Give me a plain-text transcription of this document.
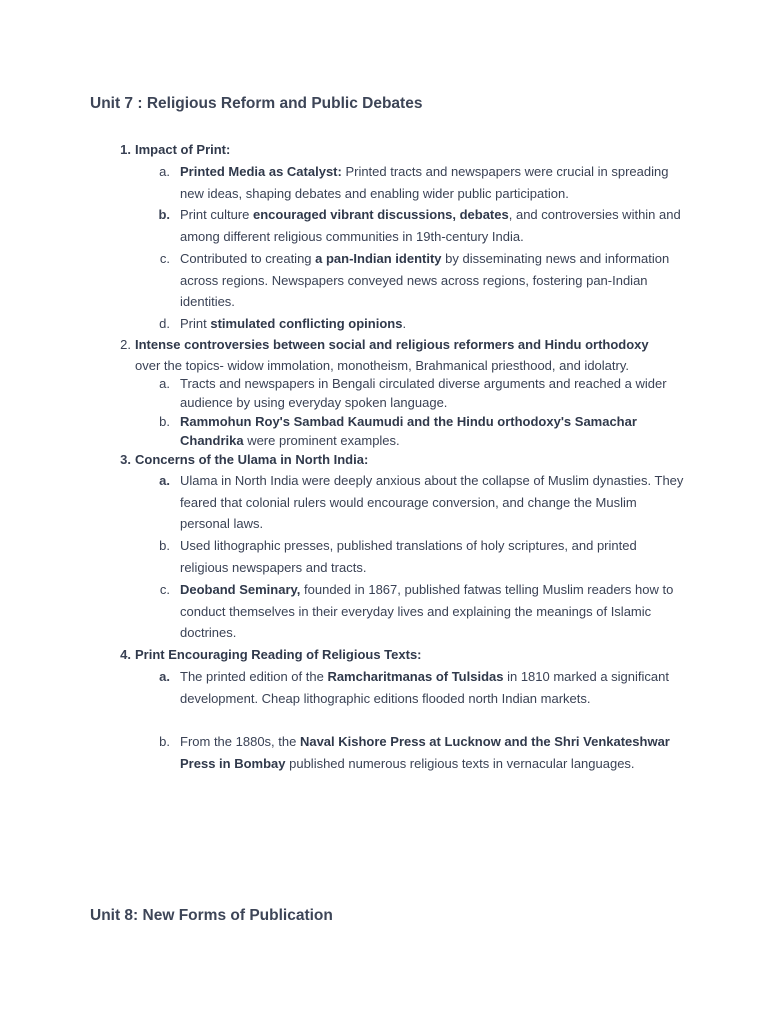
Unit 7 : Religious Reform and Public Debates
1. Impact of Print:
a. Printed Media as Catalyst: Printed tracts and newspapers were crucial in spreading new ideas, shaping debates and enabling wider public participation.
b. Print culture encouraged vibrant discussions, debates, and controversies within and among different religious communities in 19th-century India.
c. Contributed to creating a pan-Indian identity by disseminating news and information across regions. Newspapers conveyed news across regions, fostering pan-Indian identities.
d. Print stimulated conflicting opinions.
2. Intense controversies between social and religious reformers and Hindu orthodoxy
over the topics- widow immolation, monotheism, Brahmanical priesthood, and idolatry.
a. Tracts and newspapers in Bengali circulated diverse arguments and reached a wider audience by using everyday spoken language.
b. Rammohun Roy's Sambad Kaumudi and the Hindu orthodoxy's Samachar Chandrika were prominent examples.
3. Concerns of the Ulama in North India:
a. Ulama in North India were deeply anxious about the collapse of Muslim dynasties. They feared that colonial rulers would encourage conversion, and change the Muslim personal laws.
b. Used lithographic presses, published translations of holy scriptures, and printed religious newspapers and tracts.
c. Deoband Seminary, founded in 1867, published fatwas telling Muslim readers how to conduct themselves in their everyday lives and explaining the meanings of Islamic doctrines.
4. Print Encouraging Reading of Religious Texts:
a. The printed edition of the Ramcharitmanas of Tulsidas in 1810 marked a significant development. Cheap lithographic editions flooded north Indian markets.
b. From the 1880s, the Naval Kishore Press at Lucknow and the Shri Venkateshwar Press in Bombay published numerous religious texts in vernacular languages.
Unit 8: New Forms of Publication
